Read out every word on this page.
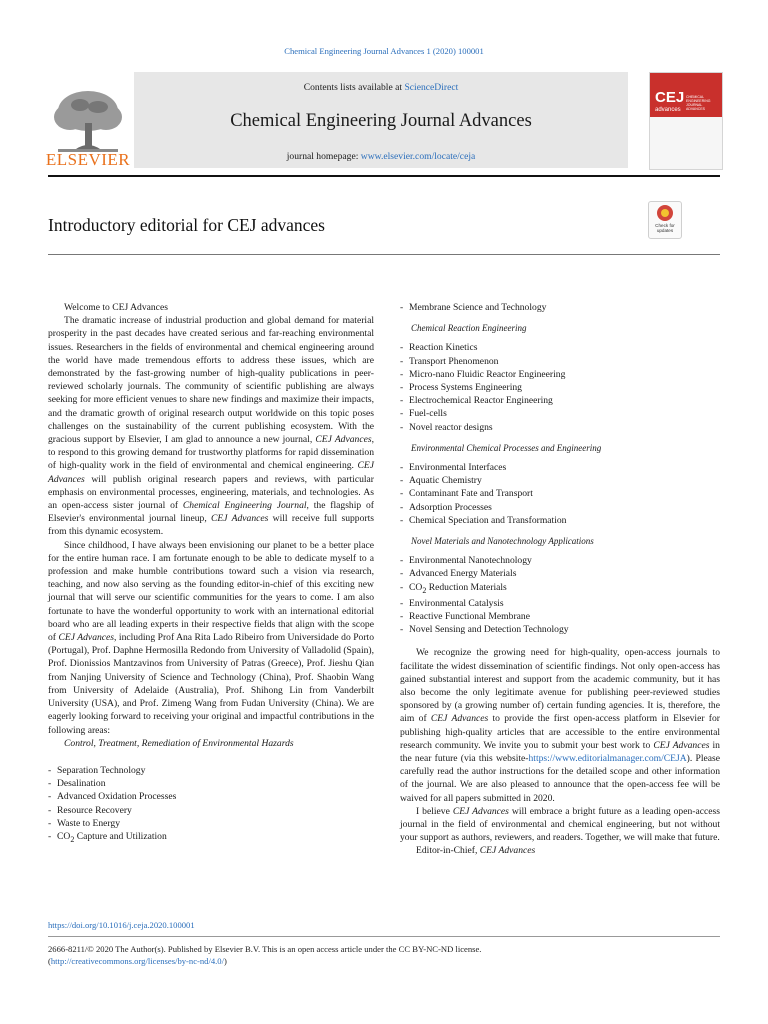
Chemical Engineering Journal Advances 1 (2020) 100001
Contents lists available at ScienceDirect
Chemical Engineering Journal Advances
journal homepage: www.elsevier.com/locate/ceja
ELSEVIER
CEJ
advances
CHEMICAL ENGINEERING JOURNAL ADVANCES
Introductory editorial for CEJ advances	Check for updates

Welcome to CEJ Advances

The dramatic increase of industrial production and global demand for material prosperity in the past decades have created serious and far-reaching environmental issues. Researchers in the fields of environmental and chemical engineering around the world have made tremendous efforts to address these issues, which are demonstrated by the fast-growing number of high-quality publications in peer-reviewed scholarly journals. The community of scientific publishing are always seeking for more efficient venues to share new findings and maximize their impacts, and the dramatic growth of original research output worldwide on this topic poses challenges on the sustainability of the current publishing ecosystem. With the gracious support by Elsevier, I am glad to announce a new journal, CEJ Advances, to respond to this growing demand for trustworthy platforms for rapid dissemination of high-quality work in the field of environmental and chemical engineering. CEJ Advances will publish original research papers and reviews, with particular emphasis on environmental processes, engineering, materials, and technologies. As an open-access sister journal of Chemical Engineering Journal, the flagship of Elsevier's environmental journal lineup, CEJ Advances will receive full supports from this dynamic ecosystem.

Since childhood, I have always been envisioning our planet to be a better place for the entire human race. I am fortunate enough to be able to dedicate myself to a profession and make humble contributions toward such a vision via research, teaching, and now also serving as the founding editor-in-chief of this exciting new journal that will serve our scientific communities for the years to come. I am also fortunate to have the wonderful opportunity to work with an international editorial board who are all leading experts in their respective fields that align with the scope of CEJ Advances, including Prof Ana Rita Lado Ribeiro from Universidade do Porto (Portugal), Prof. Daphne Hermosilla Redondo from University of Valladolid (Spain), Prof. Dionissios Mantzavinos from University of Patras (Greece), Prof. Jieshu Qian from Nanjing University of Science and Technology (China), Prof. Shaobin Wang from University of Adelaide (Australia), Prof. Shihong Lin from Vanderbilt University (USA), and Prof. Zimeng Wang from Fudan University (China). We are eagerly looking forward to receiving your original and impactful contributions in the following areas:

Control, Treatment, Remediation of Environmental Hazards

- Separation Technology
- Desalination
- Advanced Oxidation Processes
- Resource Recovery
- Waste to Energy
- $CO_2$ Capture and Utilization
- Membrane Science and Technology

Chemical Reaction Engineering

- Reaction Kinetics
- Transport Phenomenon
- Micro-nano Fluidic Reactor Engineering
- Process Systems Engineering
- Electrochemical Reactor Engineering
- Fuel-cells
- Novel reactor designs

Environmental Chemical Processes and Engineering

- Environmental Interfaces
- Aquatic Chemistry
- Contaminant Fate and Transport
- Adsorption Processes
- Chemical Speciation and Transformation

Novel Materials and Nanotechnology Applications

- Environmental Nanotechnology
- Advanced Energy Materials
- $CO_2$ Reduction Materials
- Environmental Catalysis
- Reactive Functional Membrane
- Novel Sensing and Detection Technology

We recognize the growing need for high-quality, open-access journals to facilitate the widest dissemination of scientific findings. Not only open-access has gained substantial interest and support from the academic community, but it has also become the only legitimate avenue for publishing peer-reviewed studies sponsored by (a growing number of) certain funding agencies. It is, therefore, the aim of CEJ Advances to provide the first open-access platform in Elsevier for publishing high-quality articles that are accessible to the entire environmental research community. We invite you to submit your best work to CEJ Advances in the near future (via this website-https://www.editorialmanager.com/CEJA). Please carefully read the author instructions for the detailed scope and other information of the journal. We are also pleased to announce that the open-access fee will be waived for all papers submitted in 2020.

I believe CEJ Advances will embrace a bright future as a leading open-access journal in the field of environmental and chemical engineering, but not without your support as authors, reviewers, and readers. Together, we will make that future.

Editor-in-Chief, CEJ Advances

https://doi.org/10.1016/j.ceja.2020.100001
2666-8211/© 2020 The Author(s). Published by Elsevier B.V. This is an open access article under the CC BY-NC-ND license.
(http://creativecommons.org/licenses/by-nc-nd/4.0/)
